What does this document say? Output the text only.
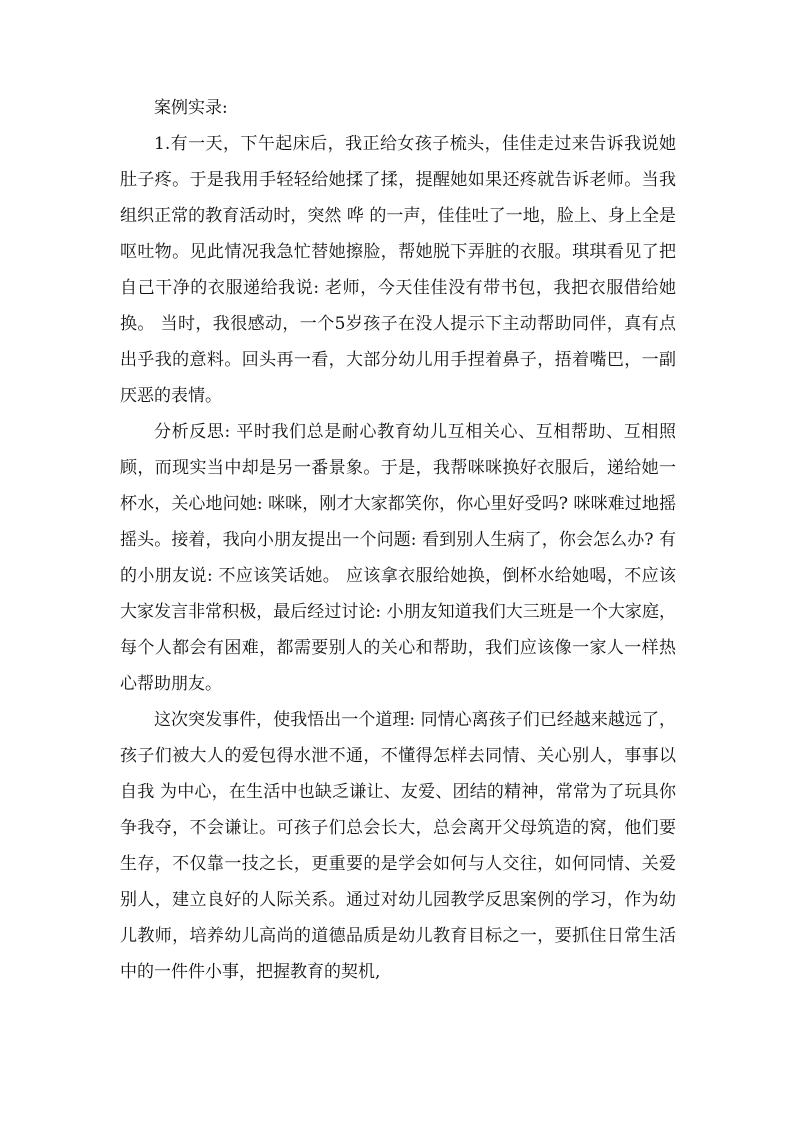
案例实录:

1.有一天，下午起床后，我正给女孩子梳头，佳佳走过来告诉我说她肚子疼。于是我用手轻轻给她揉了揉，提醒她如果还疼就告诉老师。当我组织正常的教育活动时，突然 哗 的一声，佳佳吐了一地，脸上、身上全是呕吐物。见此情况我急忙替她擦脸，帮她脱下弄脏的衣服。琪琪看见了把自己干净的衣服递给我说: 老师，今天佳佳没有带书包，我把衣服借给她换。 当时，我很感动，一个5岁孩子在没人提示下主动帮助同伴，真有点出乎我的意料。回头再一看，大部分幼儿用手捏着鼻子，捂着嘴巴，一副厌恶的表情。

分析反思: 平时我们总是耐心教育幼儿互相关心、互相帮助、互相照顾，而现实当中却是另一番景象。于是，我帮咪咪换好衣服后，递给她一杯水，关心地问她: 咪咪，刚才大家都笑你，你心里好受吗? 咪咪难过地摇摇头。接着，我向小朋友提出一个问题: 看到别人生病了，你会怎么办? 有的小朋友说: 不应该笑话她。 应该拿衣服给她换，倒杯水给她喝，不应该 大家发言非常积极，最后经过讨论: 小朋友知道我们大三班是一个大家庭，每个人都会有困难，都需要别人的关心和帮助，我们应该像一家人一样热心帮助朋友。

这次突发事件，使我悟出一个道理: 同情心离孩子们已经越来越远了，孩子们被大人的爱包得水泄不通，不懂得怎样去同情、关心别人，事事以 自我 为中心，在生活中也缺乏谦让、友爱、团结的精神，常常为了玩具你争我夺，不会谦让。可孩子们总会长大，总会离开父母筑造的窝，他们要生存，不仅靠一技之长，更重要的是学会如何与人交往，如何同情、关爱别人，建立良好的人际关系。通过对幼儿园教学反思案例的学习，作为幼儿教师，培养幼儿高尚的道德品质是幼儿教育目标之一，要抓住日常生活中的一件件小事，把握教育的契机,
